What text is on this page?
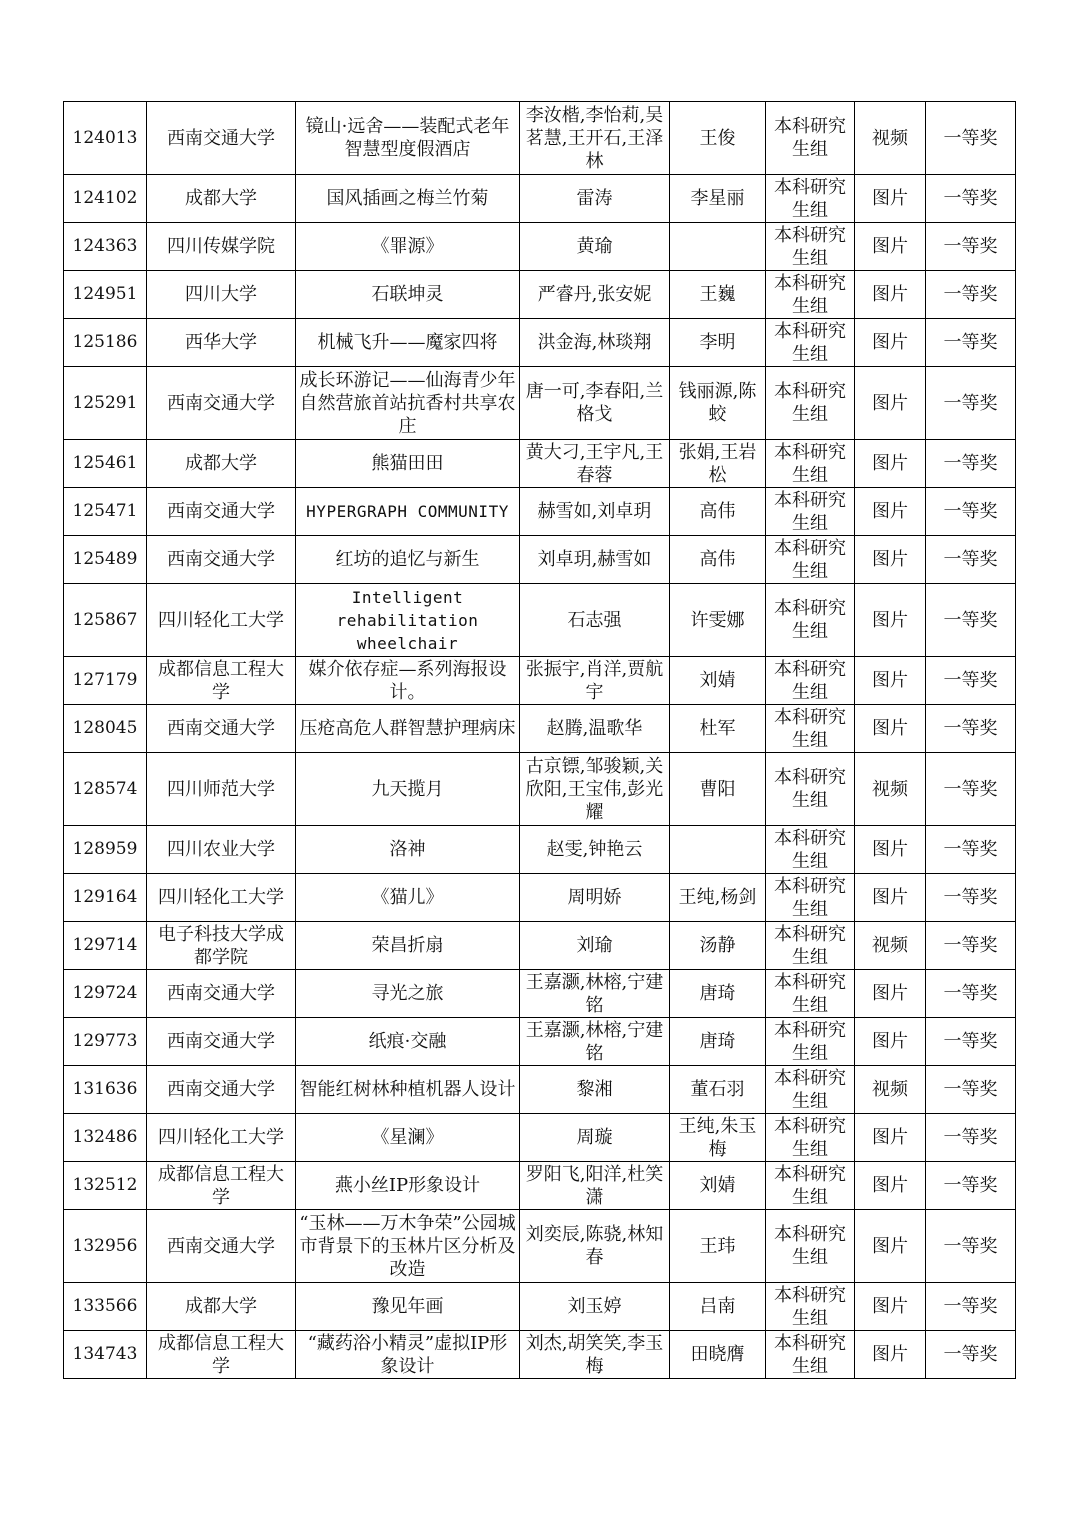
124013	西南交通大学	镜山·远舍——装配式老年智慧型度假酒店	李汝楷,李怡莉,吴茗慧,王开石,王泽林	王俊	本科研究生组	视频	一等奖
124102	成都大学	国风插画之梅兰竹菊	雷涛	李星丽	本科研究生组	图片	一等奖
124363	四川传媒学院	《罪源》	黄瑜		本科研究生组	图片	一等奖
124951	四川大学	石联坤灵	严睿丹,张安妮	王巍	本科研究生组	图片	一等奖
125186	西华大学	机械飞升——魔家四将	洪金海,林琰翔	李明	本科研究生组	图片	一等奖
125291	西南交通大学	成长环游记——仙海青少年自然营旅首站抗香村共享农庄	唐一可,李春阳,兰格戈	钱丽源,陈蛟	本科研究生组	图片	一等奖
125461	成都大学	熊猫田田	黄大刁,王宇凡,王春蓉	张娟,王岩松	本科研究生组	图片	一等奖
125471	西南交通大学	HYPERGRAPH COMMUNITY	赫雪如,刘卓玥	高伟	本科研究生组	图片	一等奖
125489	西南交通大学	红坊的追忆与新生	刘卓玥,赫雪如	高伟	本科研究生组	图片	一等奖
125867	四川轻化工大学	Intelligent rehabilitation wheelchair	石志强	许雯娜	本科研究生组	图片	一等奖
127179	成都信息工程大学	媒介依存症—系列海报设计。	张振宇,肖洋,贾航宇	刘婧	本科研究生组	图片	一等奖
128045	西南交通大学	压疮高危人群智慧护理病床	赵腾,温歌华	杜军	本科研究生组	图片	一等奖
128574	四川师范大学	九天揽月	古京镖,邹骏颖,关欣阳,王宝伟,彭光耀	曹阳	本科研究生组	视频	一等奖
128959	四川农业大学	洛神	赵雯,钟艳云		本科研究生组	图片	一等奖
129164	四川轻化工大学	《猫儿》	周明娇	王纯,杨剑	本科研究生组	图片	一等奖
129714	电子科技大学成都学院	荣昌折扇	刘瑜	汤静	本科研究生组	视频	一等奖
129724	西南交通大学	寻光之旅	王嘉灏,林榕,宁建铭	唐琦	本科研究生组	图片	一等奖
129773	西南交通大学	纸痕·交融	王嘉灏,林榕,宁建铭	唐琦	本科研究生组	图片	一等奖
131636	西南交通大学	智能红树林种植机器人设计	黎湘	董石羽	本科研究生组	视频	一等奖
132486	四川轻化工大学	《星澜》	周璇	王纯,朱玉梅	本科研究生组	图片	一等奖
132512	成都信息工程大学	燕小丝IP形象设计	罗阳飞,阳洋,杜笑潇	刘婧	本科研究生组	图片	一等奖
132956	西南交通大学	“玉林——万木争荣”公园城市背景下的玉林片区分析及改造	刘奕辰,陈骁,林知春	王玮	本科研究生组	图片	一等奖
133566	成都大学	豫见年画	刘玉婷	吕南	本科研究生组	图片	一等奖
134743	成都信息工程大学	“藏药浴小精灵”虚拟IP形象设计	刘杰,胡笑笑,李玉梅	田晓膺	本科研究生组	图片	一等奖
